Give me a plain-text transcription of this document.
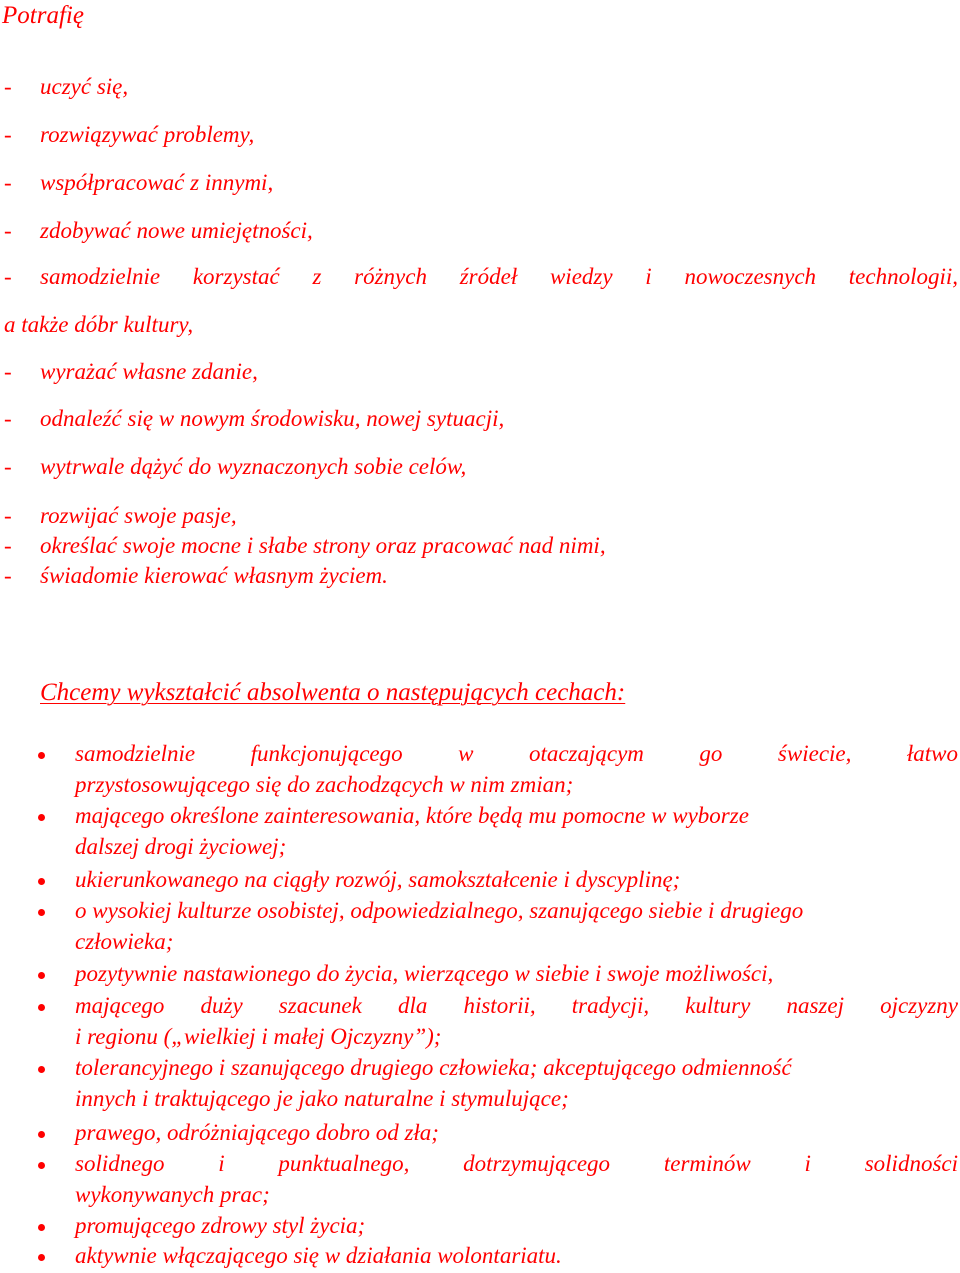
Potrafię
- uczyć się,
- rozwiązywać problemy,
- współpracować z innymi,
- zdobywać nowe umiejętności,
- samodzielnie korzystać z różnych źródeł wiedzy i nowoczesnych technologii,
a także dóbr kultury,
- wyrażać własne zdanie,
- odnaleźć się w nowym środowisku, nowej sytuacji,
- wytrwale dążyć do wyznaczonych sobie celów,
- rozwijać swoje pasje,
- określać swoje mocne i słabe strony oraz pracować nad nimi,
- świadomie kierować własnym życiem.
Chcemy wykształcić absolwenta o następujących cechach:
samodzielnie funkcjonującego w otaczającym go świecie, łatwo
przystosowującego się do zachodzących w nim zmian;
mającego określone zainteresowania, które będą mu pomocne w wyborze
dalszej drogi życiowej;
ukierunkowanego na ciągły rozwój, samokształcenie i dyscyplinę;
o wysokiej kulturze osobistej, odpowiedzialnego, szanującego siebie i drugiego
człowieka;
pozytywnie nastawionego do życia, wierzącego w siebie i swoje możliwości,
mającego duży szacunek dla historii, tradycji, kultury naszej ojczyzny
i regionu („wielkiej i małej Ojczyzny”);
tolerancyjnego i szanującego drugiego człowieka; akceptującego odmienność
innych i traktującego je jako naturalne i stymulujące;
prawego, odróżniającego dobro od zła;
solidnego i punktualnego, dotrzymującego terminów i solidności
wykonywanych prac;
promującego zdrowy styl życia;
aktywnie włączającego się w działania wolontariatu.
